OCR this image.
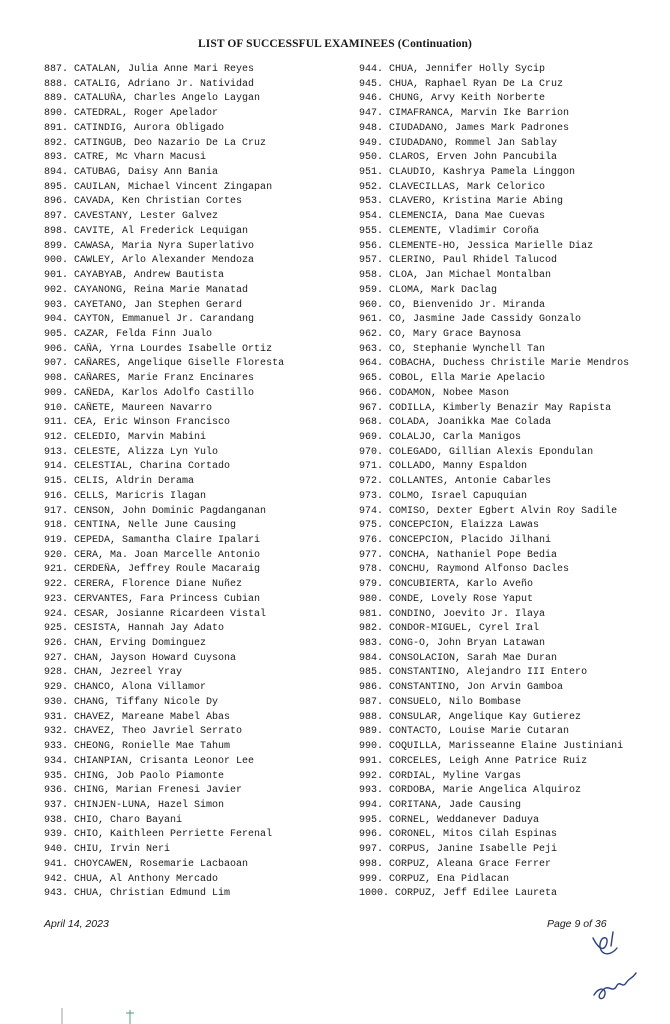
LIST OF SUCCESSFUL EXAMINEES (Continuation)
887. CATALAN, Julia Anne Mari Reyes
888. CATALIG, Adriano Jr. Natividad
889. CATALUÑA, Charles Angelo Laygan
890. CATEDRAL, Roger Apelador
891. CATINDIG, Aurora Obligado
892. CATINGUB, Deo Nazario De La Cruz
893. CATRE, Mc Vharn Macusi
894. CATUBAG, Daisy Ann Bania
895. CAUILAN, Michael Vincent Zingapan
896. CAVADA, Ken Christian Cortes
897. CAVESTANY, Lester Galvez
898. CAVITE, Al Frederick Lequigan
899. CAWASA, Maria Nyra Superlativo
900. CAWLEY, Arlo Alexander Mendoza
901. CAYABYAB, Andrew Bautista
902. CAYANONG, Reina Marie Manatad
903. CAYETANO, Jan Stephen Gerard
904. CAYTON, Emmanuel Jr. Carandang
905. CAZAR, Felda Finn Jualo
906. CAÑA, Yrna Lourdes Isabelle Ortiz
907. CAÑARES, Angelique Giselle Floresta
908. CAÑARES, Marie Franz Encinares
909. CAÑEDA, Karlos Adolfo Castillo
910. CAÑETE, Maureen Navarro
911. CEA, Eric Winson Francisco
912. CELEDIO, Marvin Mabini
913. CELESTE, Alizza Lyn Yulo
914. CELESTIAL, Charina Cortado
915. CELIS, Aldrin Derama
916. CELLS, Maricris Ilagan
917. CENSON, John Dominic Pagdanganan
918. CENTINA, Nelle June Causing
919. CEPEDA, Samantha Claire Ipalari
920. CERA, Ma. Joan Marcelle Antonio
921. CERDEÑA, Jeffrey Roule Macaraig
922. CERERA, Florence Diane Nuñez
923. CERVANTES, Fara Princess Cubian
924. CESAR, Josianne Ricardeen Vistal
925. CESISTA, Hannah Jay Adato
926. CHAN, Erving Dominguez
927. CHAN, Jayson Howard Cuysona
928. CHAN, Jezreel Yray
929. CHANCO, Alona Villamor
930. CHANG, Tiffany Nicole Dy
931. CHAVEZ, Mareane Mabel Abas
932. CHAVEZ, Theo Javriel Serrato
933. CHEONG, Ronielle Mae Tahum
934. CHIANPIAN, Crisanta Leonor Lee
935. CHING, Job Paolo Piamonte
936. CHING, Marian Frenesi Javier
937. CHINJEN-LUNA, Hazel Simon
938. CHIO, Charo Bayani
939. CHIO, Kaithleen Perriette Ferenal
940. CHIU, Irvin Neri
941. CHOYCAWEN, Rosemarie Lacbaoan
942. CHUA, Al Anthony Mercado
943. CHUA, Christian Edmund Lim
944. CHUA, Jennifer Holly Sycip
945. CHUA, Raphael Ryan De La Cruz
946. CHUNG, Arvy Keith Norberte
947. CIMAFRANCA, Marvin Ike Barrion
948. CIUDADANO, James Mark Padrones
949. CIUDADANO, Rommel Jan Sablay
950. CLAROS, Erven John Pancubila
951. CLAUDIO, Kashrya Pamela Linggon
952. CLAVECILLAS, Mark Celorico
953. CLAVERO, Kristina Marie Abing
954. CLEMENCIA, Dana Mae Cuevas
955. CLEMENTE, Vladimir Coroña
956. CLEMENTE-HO, Jessica Marielle Diaz
957. CLERINO, Paul Rhidel Talucod
958. CLOA, Jan Michael Montalban
959. CLOMA, Mark Daclag
960. CO, Bienvenido Jr. Miranda
961. CO, Jasmine Jade Cassidy Gonzalo
962. CO, Mary Grace Baynosa
963. CO, Stephanie Wynchell Tan
964. COBACHA, Duchess Christile Marie Mendros
965. COBOL, Ella Marie Apelacio
966. CODAMON, Nobee Mason
967. CODILLA, Kimberly Benazir May Rapista
968. COLADA, Joanikka Mae Colada
969. COLALJO, Carla Manigos
970. COLEGADO, Gillian Alexis Epondulan
971. COLLADO, Manny Espaldon
972. COLLANTES, Antonie Cabarles
973. COLMO, Israel Capuquian
974. COMISO, Dexter Egbert Alvin Roy Sadile
975. CONCEPCION, Elaizza Lawas
976. CONCEPCION, Placido Jilhani
977. CONCHA, Nathaniel Pope Bedia
978. CONCHU, Raymond Alfonso Dacles
979. CONCUBIERTA, Karlo Aveño
980. CONDE, Lovely Rose Yaput
981. CONDINO, Joevito Jr. Ilaya
982. CONDOR-MIGUEL, Cyrel Iral
983. CONG-O, John Bryan Latawan
984. CONSOLACION, Sarah Mae Duran
985. CONSTANTINO, Alejandro III Entero
986. CONSTANTINO, Jon Arvin Gamboa
987. CONSUELO, Nilo Bombase
988. CONSULAR, Angelique Kay Gutierez
989. CONTACTO, Louise Marie Cutaran
990. COQUILLA, Marisseanne Elaine Justiniani
991. CORCELES, Leigh Anne Patrice Ruiz
992. CORDIAL, Myline Vargas
993. CORDOBA, Marie Angelica Alquiroz
994. CORITANA, Jade Causing
995. CORNEL, Weddanever Daduya
996. CORONEL, Mitos Cilah Espinas
997. CORPUS, Janine Isabelle Peji
998. CORPUZ, Aleana Grace Ferrer
999. CORPUZ, Ena Pidlacan
1000. CORPUZ, Jeff Edilee Laureta
April 14, 2023	Page 9 of 36
